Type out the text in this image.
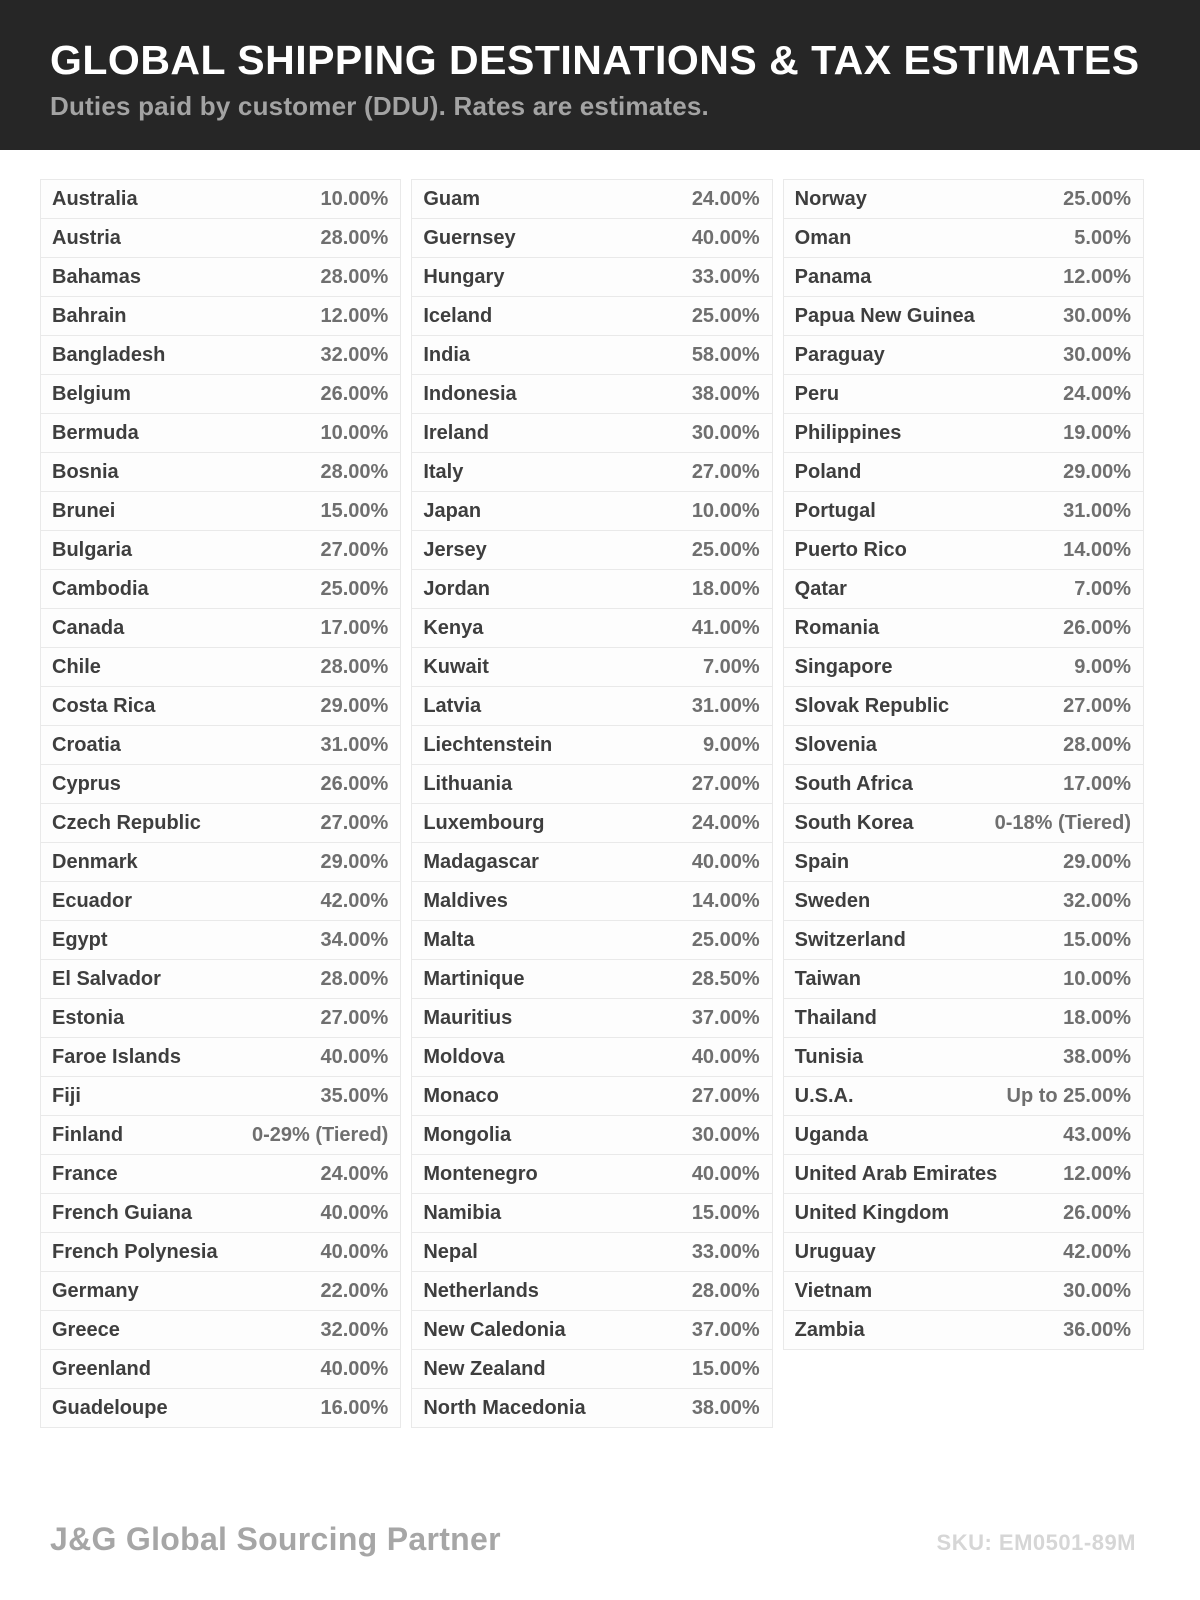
GLOBAL SHIPPING DESTINATIONS & TAX ESTIMATES

Duties paid by customer (DDU). Rates are estimates.

Australia	10.00%
Austria	28.00%
Bahamas	28.00%
Bahrain	12.00%
Bangladesh	32.00%
Belgium	26.00%
Bermuda	10.00%
Bosnia	28.00%
Brunei	15.00%
Bulgaria	27.00%
Cambodia	25.00%
Canada	17.00%
Chile	28.00%
Costa Rica	29.00%
Croatia	31.00%
Cyprus	26.00%
Czech Republic	27.00%
Denmark	29.00%
Ecuador	42.00%
Egypt	34.00%
El Salvador	28.00%
Estonia	27.00%
Faroe Islands	40.00%
Fiji	35.00%
Finland	0-29% (Tiered)
France	24.00%
French Guiana	40.00%
French Polynesia	40.00%
Germany	22.00%
Greece	32.00%
Greenland	40.00%
Guadeloupe	16.00%
Guam	24.00%
Guernsey	40.00%
Hungary	33.00%
Iceland	25.00%
India	58.00%
Indonesia	38.00%
Ireland	30.00%
Italy	27.00%
Japan	10.00%
Jersey	25.00%
Jordan	18.00%
Kenya	41.00%
Kuwait	7.00%
Latvia	31.00%
Liechtenstein	9.00%
Lithuania	27.00%
Luxembourg	24.00%
Madagascar	40.00%
Maldives	14.00%
Malta	25.00%
Martinique	28.50%
Mauritius	37.00%
Moldova	40.00%
Monaco	27.00%
Mongolia	30.00%
Montenegro	40.00%
Namibia	15.00%
Nepal	33.00%
Netherlands	28.00%
New Caledonia	37.00%
New Zealand	15.00%
North Macedonia	38.00%
Norway	25.00%
Oman	5.00%
Panama	12.00%
Papua New Guinea	30.00%
Paraguay	30.00%
Peru	24.00%
Philippines	19.00%
Poland	29.00%
Portugal	31.00%
Puerto Rico	14.00%
Qatar	7.00%
Romania	26.00%
Singapore	9.00%
Slovak Republic	27.00%
Slovenia	28.00%
South Africa	17.00%
South Korea	0-18% (Tiered)
Spain	29.00%
Sweden	32.00%
Switzerland	15.00%
Taiwan	10.00%
Thailand	18.00%
Tunisia	38.00%
U.S.A.	Up to 25.00%
Uganda	43.00%
United Arab Emirates	12.00%
United Kingdom	26.00%
Uruguay	42.00%
Vietnam	30.00%
Zambia	36.00%
J&G Global Sourcing Partner	SKU: EM0501-89M
